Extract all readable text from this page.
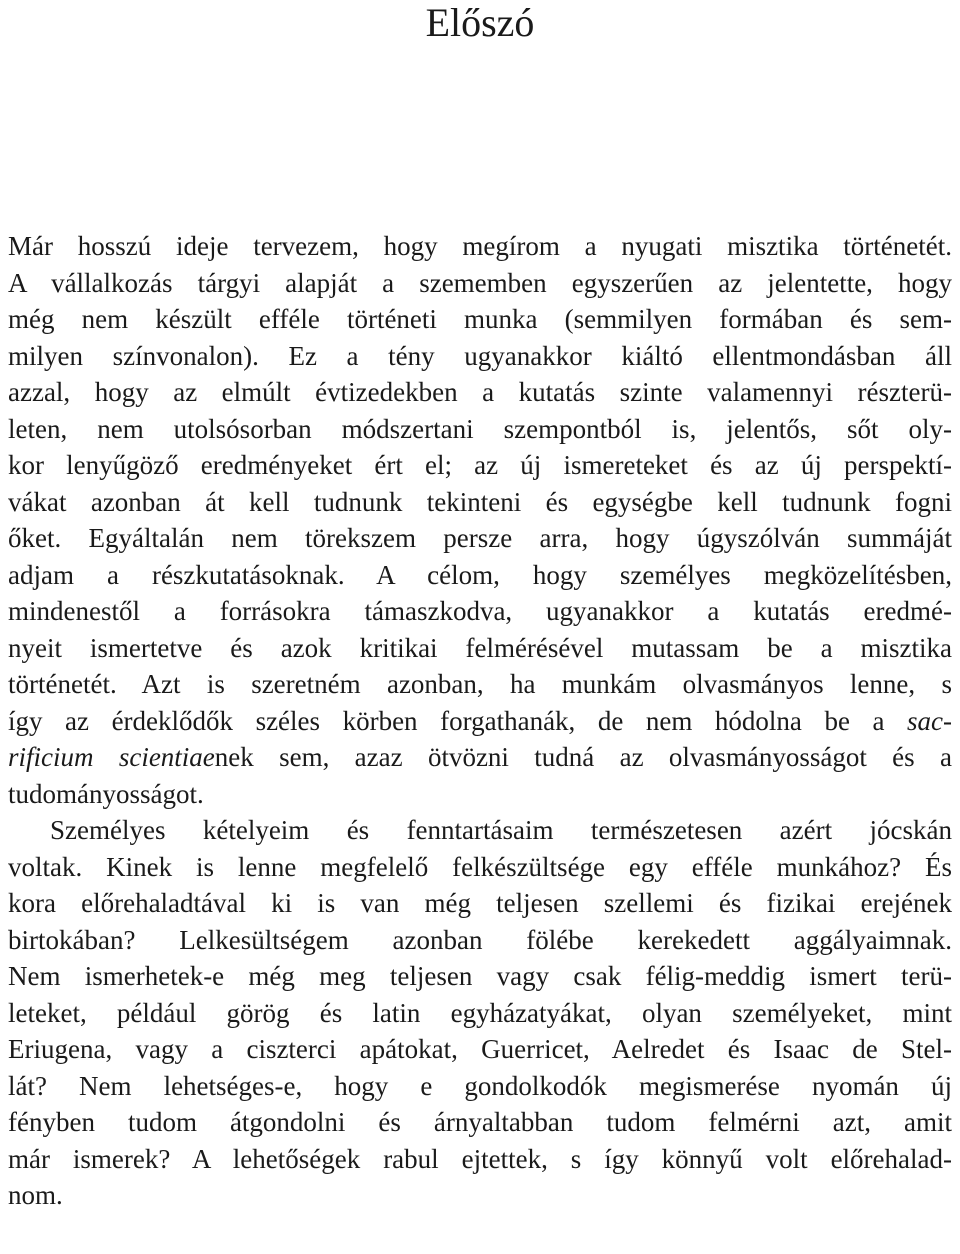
Előszó
Már hosszú ideje tervezem, hogy megírom a nyugati misztika történetét.
A vállalkozás tárgyi alapját a szememben egyszerűen az jelentette, hogy
még nem készült efféle történeti munka (semmilyen formában és sem-
milyen színvonalon). Ez a tény ugyanakkor kiáltó ellentmondásban áll
azzal, hogy az elmúlt évtizedekben a kutatás szinte valamennyi részterü-
leten, nem utolsósorban módszertani szempontból is, jelentős, sőt oly-
kor lenyűgöző eredményeket ért el; az új ismereteket és az új perspektí-
vákat azonban át kell tudnunk tekinteni és egységbe kell tudnunk fogni
őket. Egyáltalán nem törekszem persze arra, hogy úgyszólván summáját
adjam a részkutatásoknak. A célom, hogy személyes megközelítésben,
mindenestől a forrásokra támaszkodva, ugyanakkor a kutatás eredmé-
nyeit ismertetve és azok kritikai felmérésével mutassam be a misztika
történetét. Azt is szeretném azonban, ha munkám olvasmányos lenne, s
így az érdeklődők széles körben forgathanák, de nem hódolna be a sac-
rificium scientiaenek sem, azaz ötvözni tudná az olvasmányosságot és a
tudományosságot.
Személyes kételyeim és fenntartásaim természetesen azért jócskán
voltak. Kinek is lenne megfelelő felkészültsége egy efféle munkához? És
kora előrehaladtával ki is van még teljesen szellemi és fizikai erejének
birtokában? Lelkesültségem azonban fölébe kerekedett aggályaimnak.
Nem ismerhetek-e még meg teljesen vagy csak félig-meddig ismert terü-
leteket, például görög és latin egyházatyákat, olyan személyeket, mint
Eriugena, vagy a ciszterci apátokat, Guerricet, Aelredet és Isaac de Stel-
lát? Nem lehetséges-e, hogy e gondolkodók megismerése nyomán új
fényben tudom átgondolni és árnyaltabban tudom felmérni azt, amit
már ismerek? A lehetőségek rabul ejtettek, s így könnyű volt előrehalad-
nom.
